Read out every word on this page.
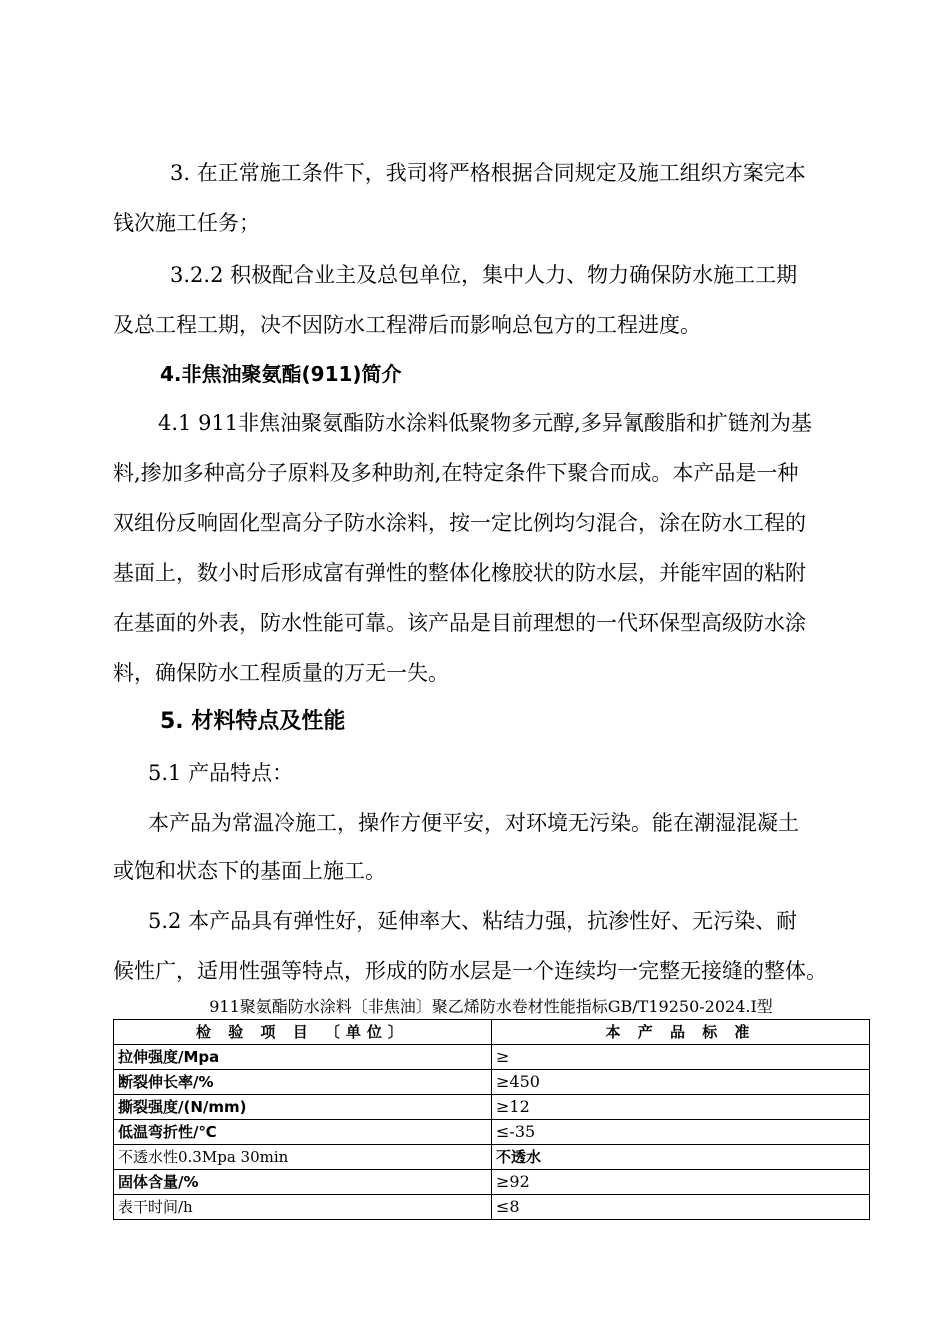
3. 在正常施工条件下，我司将严格根据合同规定及施工组织方案完本
钱次施工任务；
3.2.2 积极配合业主及总包单位，集中人力、物力确保防水施工工期
及总工程工期，决不因防水工程滞后而影响总包方的工程进度。
4.非焦油聚氨酯(911)简介
4.1 911非焦油聚氨酯防水涂料低聚物多元醇,多异氰酸脂和扩链剂为基
料,掺加多种高分子原料及多种助剂,在特定条件下聚合而成。本产品是一种
双组份反响固化型高分子防水涂料，按一定比例均匀混合，涂在防水工程的
基面上，数小时后形成富有弹性的整体化橡胶状的防水层，并能牢固的粘附
在基面的外表，防水性能可靠。该产品是目前理想的一代环保型高级防水涂
料，确保防水工程质量的万无一失。
5. 材料特点及性能
5.1 产品特点：
本产品为常温冷施工，操作方便平安，对环境无污染。能在潮湿混凝土
或饱和状态下的基面上施工。
5.2 本产品具有弹性好，延伸率大、粘结力强，抗渗性好、无污染、耐
候性广，适用性强等特点，形成的防水层是一个连续均一完整无接缝的整体。
911聚氨酯防水涂料〔非焦油〕聚乙烯防水卷材性能指标GB/T19250-2024.I型
检 验 项 目 〔单位〕	本 产 品 标 准
拉伸强度/Mpa	≥
断裂伸长率/%	≥450
撕裂强度/(N/mm)	≥12
低温弯折性/℃	≤-35
不透水性0.3Mpa 30min	不透水
固体含量/%	≥92
表干时间/h	≤8
